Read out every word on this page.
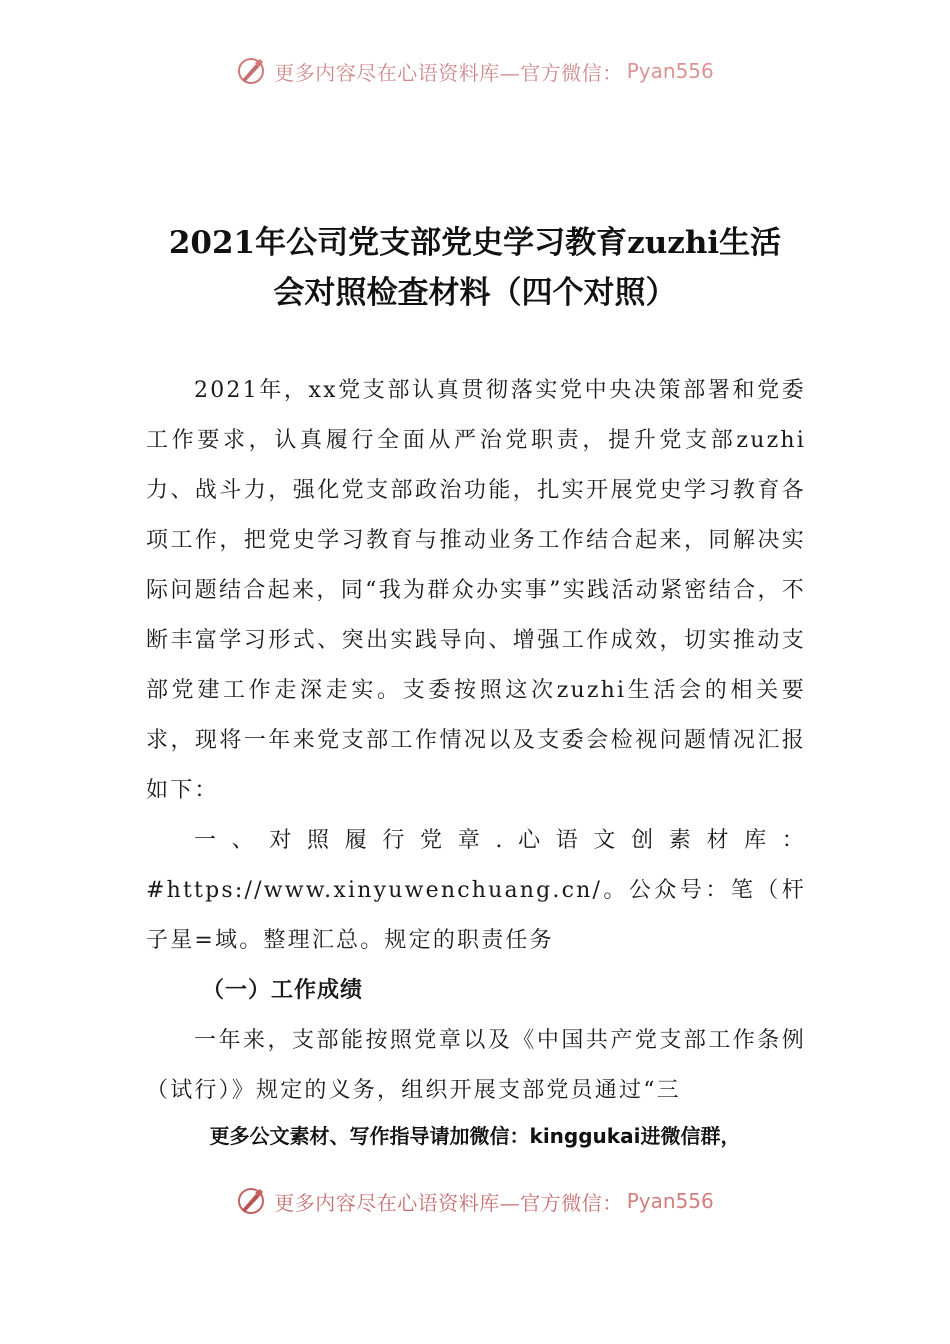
更多内容尽在心语资料库—官方微信： Pyan556
2021年公司党支部党史学习教育zuzhi生活
会对照检查材料（四个对照）

2021年，xx党支部认真贯彻落实党中央决策部署和党委工作要求，认真履行全面从严治党职责，提升党支部zuzhi力、战斗力，强化党支部政治功能，扎实开展党史学习教育各项工作，把党史学习教育与推动业务工作结合起来，同解决实际问题结合起来，同“我为群众办实事”实践活动紧密结合，不断丰富学习形式、突出实践导向、增强工作成效，切实推动支部党建工作走深走实。支委按照这次zuzhi生活会的相关要求，现将一年来党支部工作情况以及支委会检视问题情况汇报如下：

一、对照履行党章.心语文创素材库：#https://www.xinyuwenchuang.cn/。公众号：笔（杆子星=域。整理汇总。规定的职责任务

（一）工作成绩

一年来，支部能按照党章以及《中国共产党支部工作条例（试行）》规定的义务，组织开展支部党员通过“三

更多公文素材、写作指导请加微信：kinggukai进微信群，
更多内容尽在心语资料库—官方微信： Pyan556
